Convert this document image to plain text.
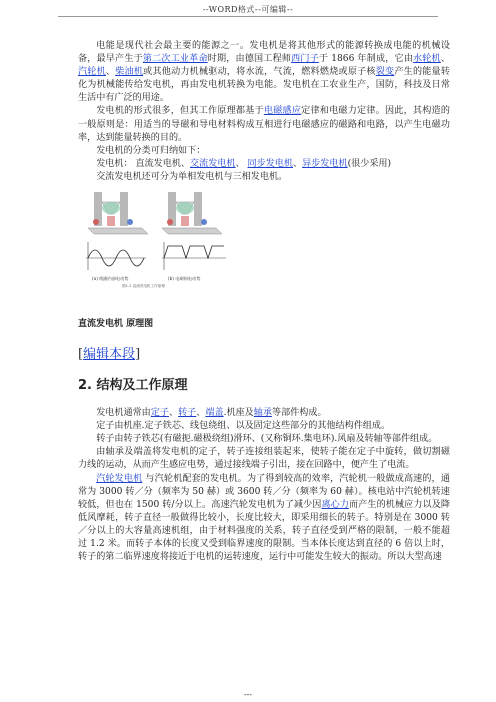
--WORD格式--可编辑--

电能是现代社会最主要的能源之一。发电机是将其他形式的能源转换成电能的机械设备，最早产生于第二次工业革命时期，由德国工程师西门子于 1866 年制成，它由水轮机、汽轮机、柴油机或其他动力机械驱动，将水流，气流，燃料燃烧或原子核裂变产生的能量转化为机械能传给发电机，再由发电机转换为电能。发电机在工农业生产，国防，科技及日常生活中有广泛的用途。

发电机的形式很多，但其工作原理都基于电磁感应定律和电磁力定律。因此，其构造的一般原则是：用适当的导磁和导电材料构成互相进行电磁感应的磁路和电路，以产生电磁功率，达到能量转换的目的。

发电机的分类可归纳如下：

发电机： 直流发电机、交流发电机、 同步发电机、异步发电机(很少采用)

交流发电机还可分为单相发电机与三相发电机。

(a) 线圈内部电动势	(b) 电刷间电动势
图1-1 直流发电机工作原理
直流发电机 原理图
[编辑本段]
2. 结构及工作原理

发电机通常由定子、转子、端盖.机座及轴承等部件构成。

定子由机座.定子铁芯、线包绕组、以及固定这些部分的其他结构件组成。

转子由转子铁芯(有磁扼.磁极绕组)滑环、(又称铜环.集电环).风扇及转轴等部件组成。

由轴承及端盖将发电机的定子，转子连接组装起来，使转子能在定子中旋转，做切割磁力线的运动，从而产生感应电势，通过接线端子引出，接在回路中，便产生了电流。

汽轮发电机 与汽轮机配套的发电机。为了得到较高的效率，汽轮机一般做成高速的，通常为 3000 转／分（频率为 50 赫）或 3600 转／分（频率为 60 赫）。核电站中汽轮机转速较低，但也在 1500 转/分以上。高速汽轮发电机为了减少因离心力而产生的机械应力以及降低风摩耗，转子直径一般做得比较小，长度比较大，即采用细长的转子。特别是在 3000 转／分以上的大容量高速机组，由于材料强度的关系，转子直径受到严格的限制，一般不能超过 1.2 米。而转子本体的长度又受到临界速度的限制。当本体长度达到直径的 6 倍以上时，转子的第二临界速度将接近于电机的运转速度，运行中可能发生较大的振动。所以大型高速

---
